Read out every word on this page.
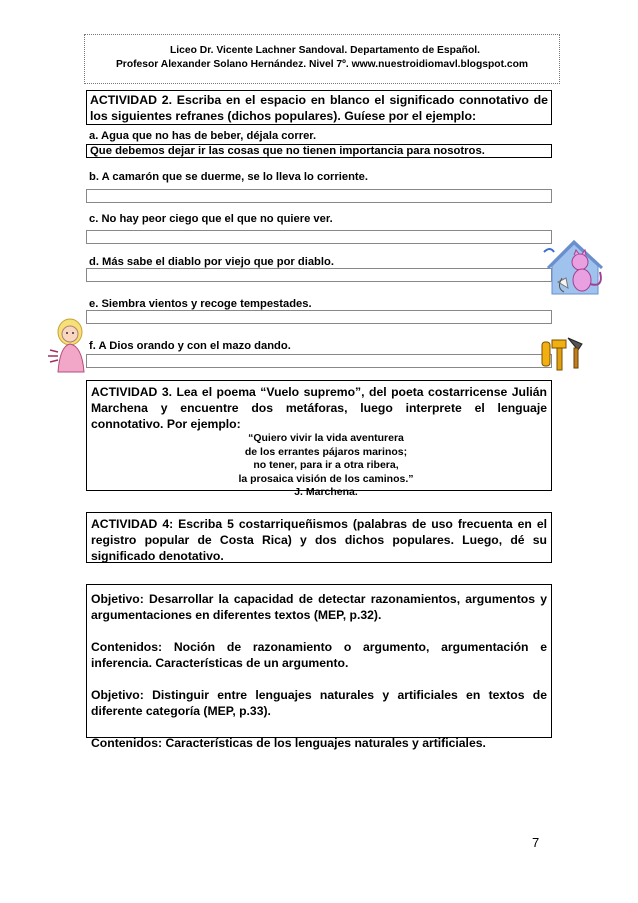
Liceo Dr. Vicente Lachner Sandoval. Departamento de Español.
Profesor Alexander Solano Hernández. Nivel 7º. www.nuestroidiomavl.blogspot.com
ACTIVIDAD 2. Escriba en el espacio en blanco el significado connotativo de los siguientes refranes (dichos populares). Guíese por el ejemplo:
a. Agua que no has de beber, déjala correr.
Que debemos dejar ir las cosas que no tienen importancia para nosotros.
b. A camarón que se duerme, se lo lleva lo corriente.
c. No hay peor ciego que el que no quiere ver.
d. Más sabe el diablo por viejo que por diablo.
e. Siembra vientos y recoge tempestades.
f. A Dios orando y con el mazo dando.
ACTIVIDAD 3. Lea el poema “Vuelo supremo”, del poeta costarricense Julián Marchena y encuentre dos metáforas, luego interprete el lenguaje connotativo. Por ejemplo:
“Quiero vivir la vida aventurera
de los errantes pájaros marinos;
no tener, para ir a otra ribera,
la prosaica visión de los caminos.”
J. Marchena.
ACTIVIDAD 4: Escriba 5 costarriqueñismos (palabras de uso frecuenta en el registro popular de Costa Rica) y dos dichos populares. Luego, dé su significado denotativo.

Objetivo: Desarrollar la capacidad de detectar razonamientos, argumentos y argumentaciones en diferentes textos (MEP, p.32).

Contenidos: Noción de razonamiento o argumento, argumentación e inferencia. Características de un argumento.

Objetivo: Distinguir entre lenguajes naturales y artificiales en textos de diferente categoría (MEP, p.33).

Contenidos: Características de los lenguajes naturales y artificiales.

7
